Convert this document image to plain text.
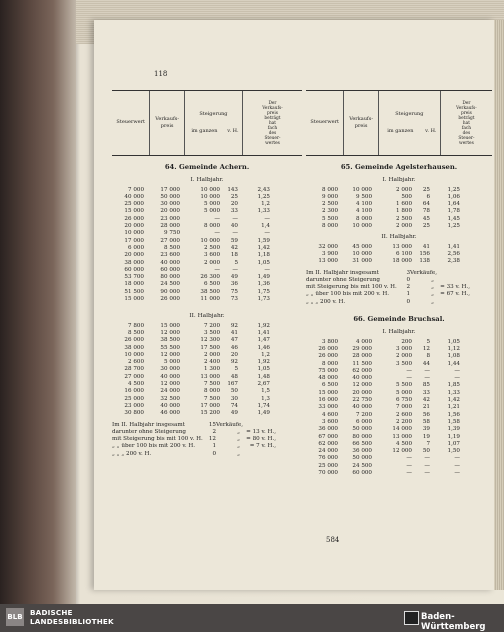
118
Steuerwert
Verkaufs-
preis
Steigerung
im ganzen	v. H.
Der
Verkaufs-
preis
beträgt
hat
fach
des
Steuer-
wertes
64. Gemeinde Achern.
I. Halbjahr.
7 000	17 000	10 000	143	2,43
40 000	50 000	10 000	25	1,25
25 000	30 000	5 000	20	1,2
15 000	20 000	5 000	33	1,33
26 000	23 000	—	—	—
20 000	28 000	8 000	40	1,4
10 000	9 750	—	—	—
17 000	27 000	10 000	59	1,59
6 000	8 500	2 500	42	1,42
20 000	23 600	3 600	18	1,18
38 000	40 000	2 000	5	1,05
60 000	60 000	—	—	—
53 700	80 000	26 300	49	1,49
18 000	24 500	6 500	36	1,36
51 500	90 000	38 500	75	1,75
15 000	26 000	11 000	73	1,73
II. Halbjahr.
7 800	15 000	7 200	92	1,92
8 500	12 000	3 500	41	1,41
26 000	38 500	12 300	47	1,47
38 000	55 500	17 500	46	1,46
10 000	12 000	2 000	20	1,2
2 600	5 000	2 400	92	1,92
28 700	30 000	1 300	5	1,05
27 000	40 000	13 000	48	1,48
4 500	12 000	7 500	167	2,67
16 000	24 000	8 000	50	1,5
25 000	32 500	7 500	30	1,3
23 000	40 000	17 000	74	1,74
30 800	46 000	15 200	49	1,49
Im II. Halbjahr insgesamt	15 Verkäufe,
darunter ohne Steigerung	2	„	= 13 v. H.,
mit Steigerung bis mit 100 v. H.	12	„	= 80 v. H.,
„ „ über 100 bis mit 200 v. H.	1	„	= 7 v. H.,
„ „ „ 200 v. H.	0	„
Steuerwert
Verkaufs-
preis
Steigerung
im ganzen	v. H.
Der
Verkaufs-
preis
beträgt
hat
fach
des
Steuer-
wertes
65. Gemeinde Agelsterhausen.
I. Halbjahr.
8 000	10 000	2 000	25	1,25
9 000	9 500	500	6	1,06
2 500	4 100	1 600	64	1,64
2 300	4 100	1 800	78	1,78
5 500	8 000	2 500	45	1,45
8 000	10 000	2 000	25	1,25
II. Halbjahr.
32 000	45 000	13 000	41	1,41
3 900	10 000	6 100	156	2,56
13 000	31 000	18 000	138	2,38
Im II. Halbjahr insgesamt	3 Verkäufe,
darunter ohne Steigerung	0	„
mit Steigerung bis mit 100 v. H.	2	„	= 33 v. H.,
„ „ über 100 bis mit 200 v. H.	1	„	= 67 v. H.,
„ „ „ 200 v. H.	0	„
66. Gemeinde Bruchsal.
I. Halbjahr.
3 800	4 000	200	5	1,05
26 000	29 000	3 000	12	1,12
26 000	28 000	2 000	8	1,08
8 000	11 500	3 500	44	1,44
75 000	62 000	—	—	—
48 000	40 000	—	—	—
6 500	12 000	5 500	85	1,85
15 000	20 000	5 000	33	1,33
16 000	22 750	6 750	42	1,42
33 000	40 000	7 000	21	1,21
4 600	7 200	2 600	56	1,56
3 600	6 000	2 200	58	1,58
36 000	50 000	14 000	39	1,39
67 000	80 000	13 000	19	1,19
62 000	66 500	4 500	7	1,07
24 000	36 000	12 000	50	1,50
76 000	50 000	—	—	—
25 000	24 500	—	—	—
70 000	60 000	—	—	—
584
BLB BADISCHE
LANDESBIBLIOTHEK	Baden-Württemberg
